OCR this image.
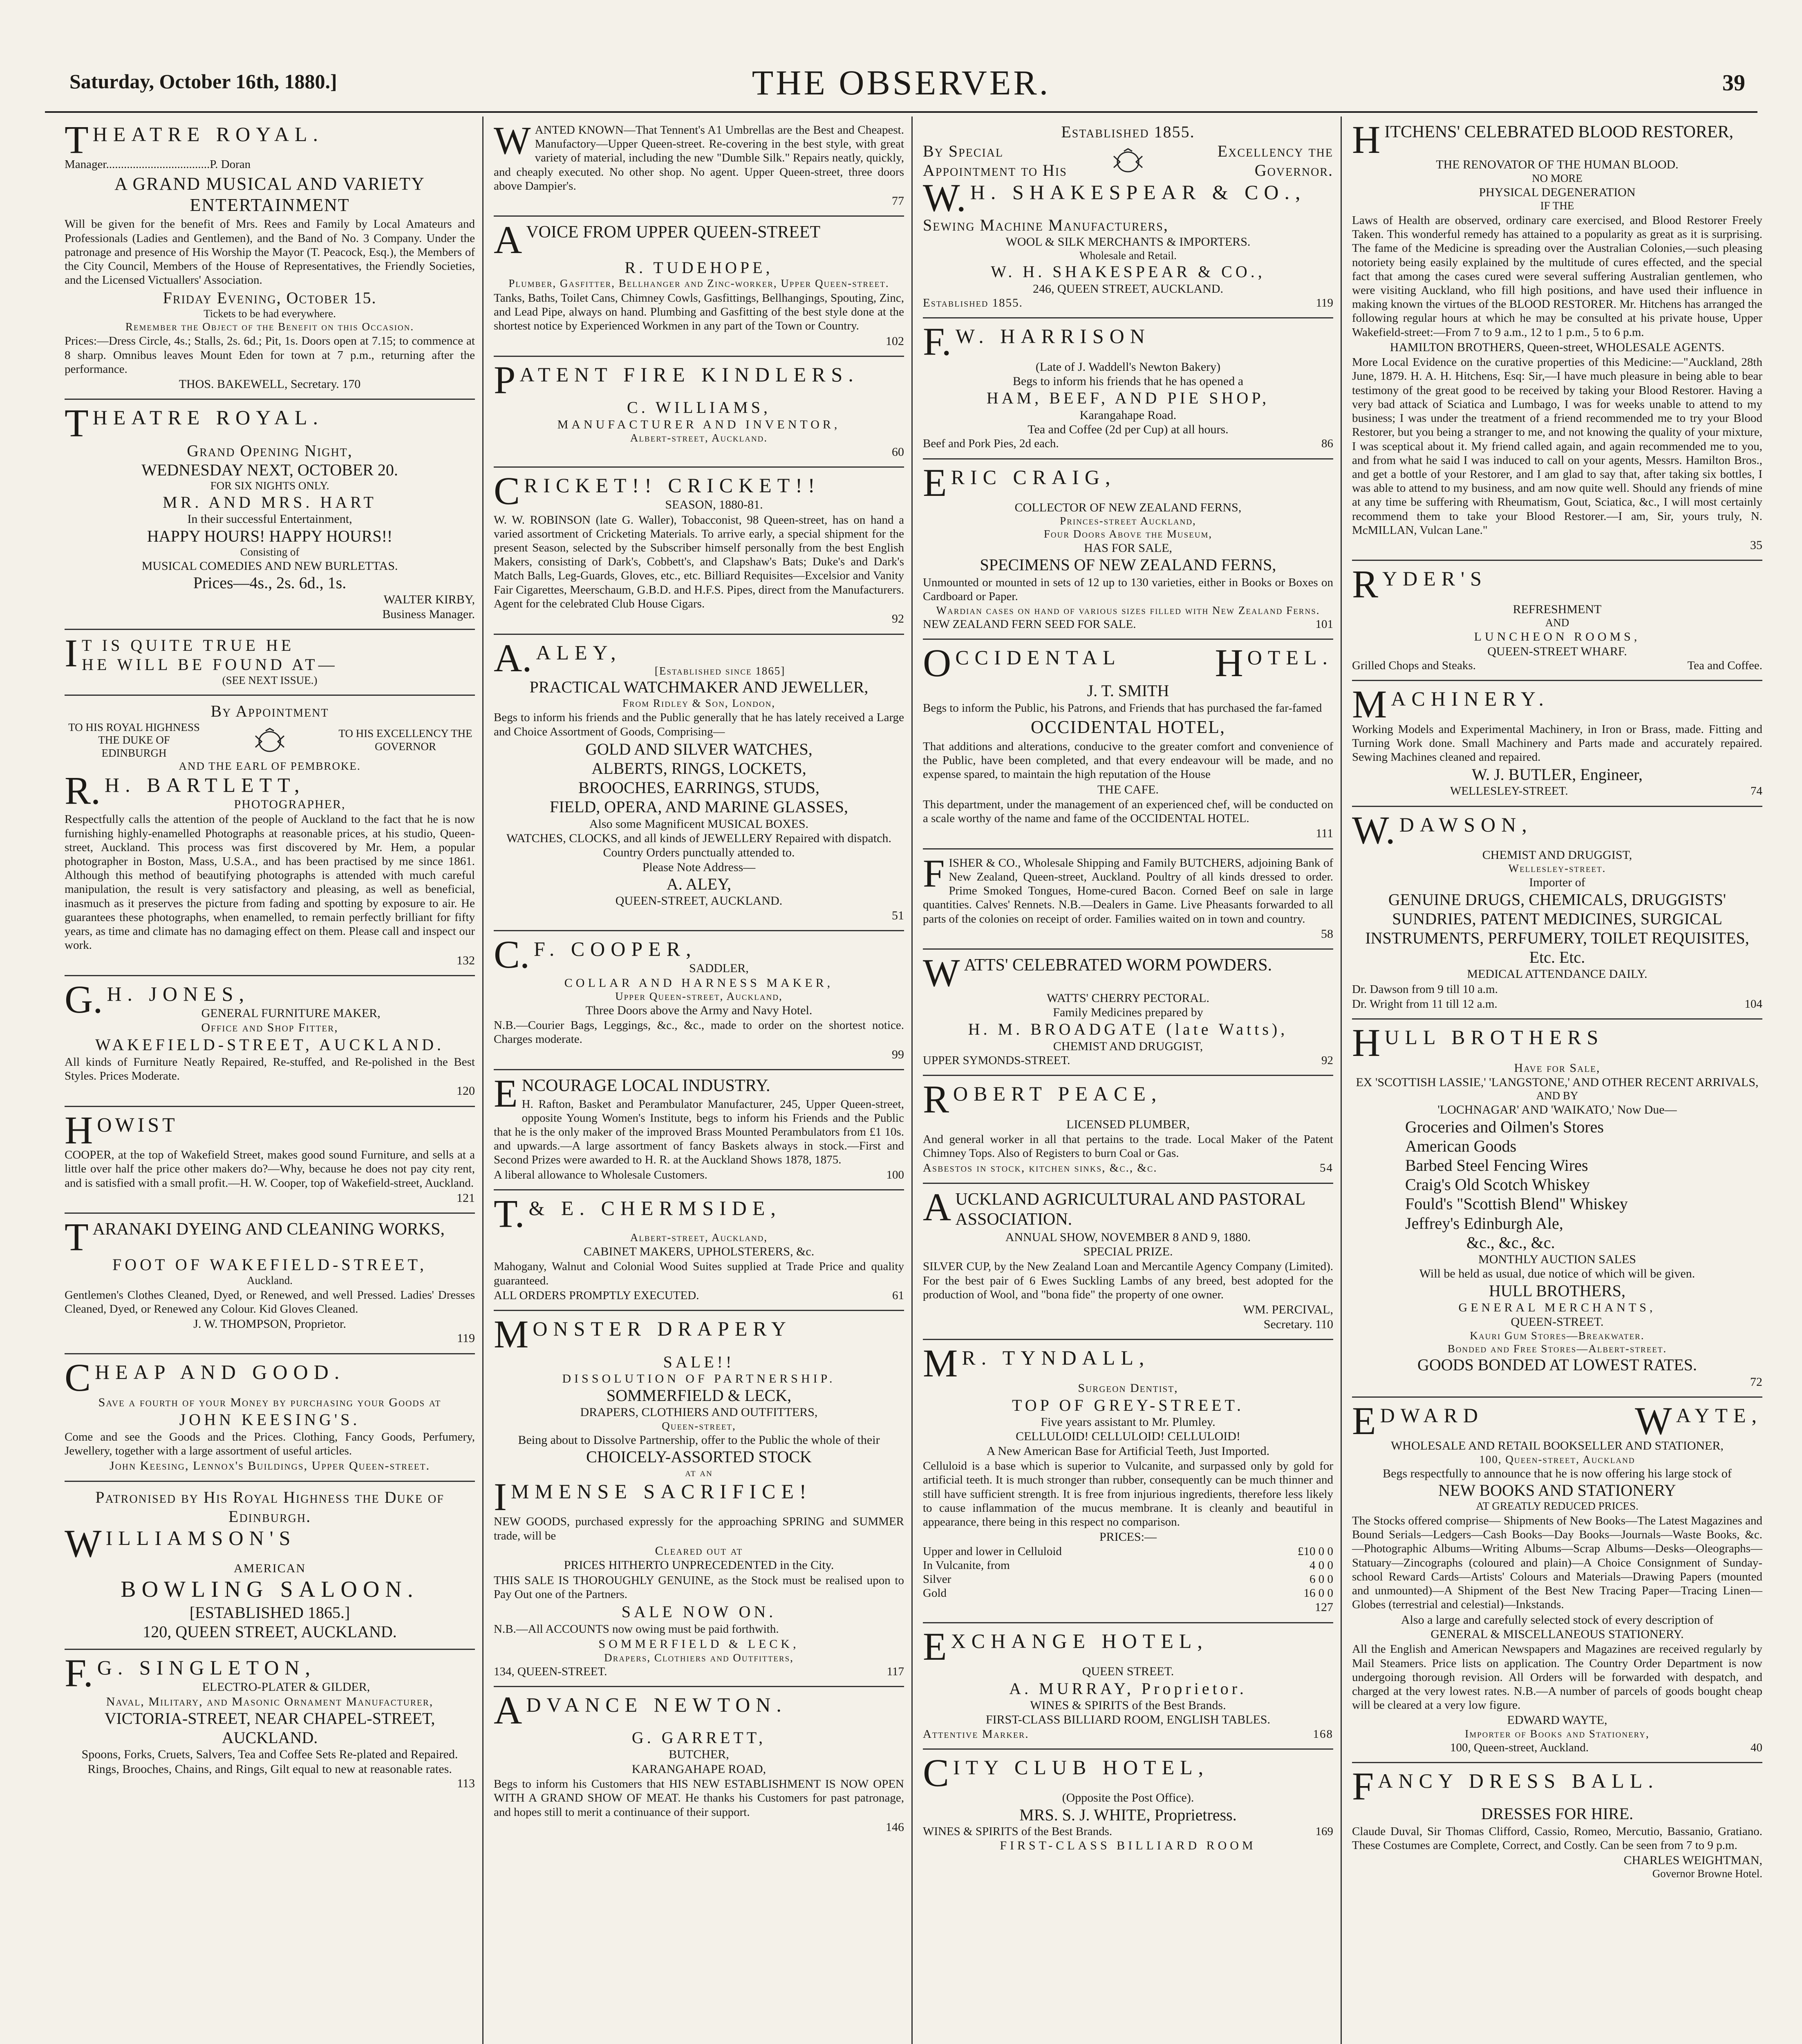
Saturday, October 16th, 1880.]	THE OBSERVER.	39
THEATRE ROYAL.
Manager...................................P. Doran
A GRAND MUSICAL AND VARIETY ENTERTAINMENT
Will be given for the benefit of Mrs. Rees and Family by Local Amateurs and Professionals (Ladies and Gentlemen), and the Band of No. 3 Company. Under the patronage and presence of His Worship the Mayor (T. Peacock, Esq.), the Members of the City Council, Members of the House of Representatives, the Friendly Societies, and the Licensed Victuallers' Association.
Friday Evening, October 15.
Tickets to be had everywhere.
Remember the Object of the Benefit on this Occasion.
Prices:—Dress Circle, 4s.; Stalls, 2s. 6d.; Pit, 1s. Doors open at 7.15; to commence at 8 sharp. Omnibus leaves Mount Eden for town at 7 p.m., returning after the performance.
THOS. BAKEWELL, Secretary. 170
THEATRE ROYAL.
Grand Opening Night,
WEDNESDAY NEXT, OCTOBER 20.
FOR SIX NIGHTS ONLY.
MR. AND MRS. HART
In their successful Entertainment,
HAPPY HOURS! HAPPY HOURS!!
Consisting of
MUSICAL COMEDIES AND NEW BURLETTAS.
Prices—4s., 2s. 6d., 1s.
WALTER KIRBY,
Business Manager.
I T IS QUITE TRUE HE
HE WILL BE FOUND AT—
(SEE NEXT ISSUE.)
By Appointment
TO HIS ROYAL HIGHNESS THE DUKE OF EDINBURGH
TO HIS EXCELLENCY THE GOVERNOR
AND THE EARL OF PEMBROKE.
R. H. BARTLETT,
PHOTOGRAPHER,
Respectfully calls the attention of the people of Auckland to the fact that he is now furnishing highly-enamelled Photographs at reasonable prices, at his studio, Queen-street, Auckland. This process was first discovered by Mr. Hem, a popular photographer in Boston, Mass, U.S.A., and has been practised by me since 1861. Although this method of beautifying photographs is attended with much careful manipulation, the result is very satisfactory and pleasing, as well as beneficial, inasmuch as it preserves the picture from fading and spotting by exposure to air. He guarantees these photographs, when enamelled, to remain perfectly brilliant for fifty years, as time and climate has no damaging effect on them. Please call and inspect our work.
132
G. H. JONES,
GENERAL FURNITURE MAKER,
Office and Shop Fitter,
WAKEFIELD-STREET, AUCKLAND.
All kinds of Furniture Neatly Repaired, Re-stuffed, and Re-polished in the Best Styles. Prices Moderate.
120
HOWIST
COOPER, at the top of Wakefield Street, makes good sound Furniture, and sells at a little over half the price other makers do?—Why, because he does not pay city rent, and is satisfied with a small profit.—H. W. Cooper, top of Wakefield-street, Auckland.
121
TARANAKI DYEING AND CLEANING WORKS,
FOOT OF WAKEFIELD-STREET,
Auckland.
Gentlemen's Clothes Cleaned, Dyed, or Renewed, and well Pressed. Ladies' Dresses Cleaned, Dyed, or Renewed any Colour. Kid Gloves Cleaned.
J. W. THOMPSON, Proprietor.
119
CHEAP AND GOOD.
Save a fourth of your Money by purchasing your Goods at
JOHN KEESING'S.
Come and see the Goods and the Prices. Clothing, Fancy Goods, Perfumery, Jewellery, together with a large assortment of useful articles.
John Keesing, Lennox's Buildings, Upper Queen-street.
Patronised by His Royal Highness the Duke of Edinburgh.
WILLIAMSON'S
AMERICAN
BOWLING SALOON.
[ESTABLISHED 1865.]
120, QUEEN STREET, AUCKLAND.
F. G. SINGLETON,
ELECTRO-PLATER & GILDER,
Naval, Military, and Masonic Ornament Manufacturer,
VICTORIA-STREET, NEAR CHAPEL-STREET, AUCKLAND.
Spoons, Forks, Cruets, Salvers, Tea and Coffee Sets Re-plated and Repaired.
Rings, Brooches, Chains, and Rings, Gilt equal to new at reasonable rates.
113
WANTED KNOWN—That Tennent's A1 Umbrellas are the Best and Cheapest. Manufactory—Upper Queen-street. Re-covering in the best style, with great variety of material, including the new "Dumble Silk." Repairs neatly, quickly, and cheaply executed. No other shop. No agent. Upper Queen-street, three doors above Dampier's.
77
AVOICE FROM UPPER QUEEN-STREET
R. TUDEHOPE,
Plumber, Gasfitter, Bellhanger and Zinc-worker, Upper Queen-street.
Tanks, Baths, Toilet Cans, Chimney Cowls, Gasfittings, Bellhangings, Spouting, Zinc, and Lead Pipe, always on hand. Plumbing and Gasfitting of the best style done at the shortest notice by Experienced Workmen in any part of the Town or Country.
102
PATENT FIRE KINDLERS.
C. WILLIAMS,
MANUFACTURER AND INVENTOR,
Albert-street, Auckland.
60
CRICKET!! CRICKET!!
SEASON, 1880-81.
W. W. ROBINSON (late G. Waller), Tobacconist, 98 Queen-street, has on hand a varied assortment of Cricketing Materials. To arrive early, a special shipment for the present Season, selected by the Subscriber himself personally from the best English Makers, consisting of Dark's, Cobbett's, and Clapshaw's Bats; Duke's and Dark's Match Balls, Leg-Guards, Gloves, etc., etc. Billiard Requisites—Excelsior and Vanity Fair Cigarettes, Meerschaum, G.B.D. and H.F.S. Pipes, direct from the Manufacturers. Agent for the celebrated Club House Cigars.
92
A. ALEY,
[Established since 1865]
PRACTICAL WATCHMAKER AND JEWELLER,
From Ridley & Son, London,
Begs to inform his friends and the Public generally that he has lately received a Large and Choice Assortment of Goods, Comprising—
GOLD AND SILVER WATCHES,
ALBERTS, RINGS, LOCKETS,
BROOCHES, EARRINGS, STUDS,
FIELD, OPERA, AND MARINE GLASSES,
Also some Magnificent MUSICAL BOXES.
WATCHES, CLOCKS, and all kinds of JEWELLERY Repaired with dispatch.
Country Orders punctually attended to.
Please Note Address—
A. ALEY,
QUEEN-STREET, AUCKLAND.
51
C. F. COOPER,
SADDLER,
COLLAR AND HARNESS MAKER,
Upper Queen-street, Auckland,
Three Doors above the Army and Navy Hotel.
N.B.—Courier Bags, Leggings, &c., &c., made to order on the shortest notice. Charges moderate.
99
ENCOURAGE LOCAL INDUSTRY.
H. Rafton, Basket and Perambulator Manufacturer, 245, Upper Queen-street, opposite Young Women's Institute, begs to inform his Friends and the Public that he is the only maker of the improved Brass Mounted Perambulators from £1 10s. and upwards.—A large assortment of fancy Baskets always in stock.—First and Second Prizes were awarded to H. R. at the Auckland Shows 1878, 1875.
A liberal allowance to Wholesale Customers.	100
T. & E. CHERMSIDE,
Albert-street, Auckland,
CABINET MAKERS, UPHOLSTERERS, &c.
Mahogany, Walnut and Colonial Wood Suites supplied at Trade Price and quality guaranteed.
ALL ORDERS PROMPTLY EXECUTED.	61
MONSTER DRAPERY
SALE!!
DISSOLUTION OF PARTNERSHIP.
SOMMERFIELD & LECK,
DRAPERS, CLOTHIERS AND OUTFITTERS,
Queen-street,
Being about to Dissolve Partnership, offer to the Public the whole of their
CHOICELY-ASSORTED STOCK
at an
IMMENSE SACRIFICE!
NEW GOODS, purchased expressly for the approaching SPRING and SUMMER trade, will be
Cleared out at
PRICES HITHERTO UNPRECEDENTED in the City.
THIS SALE IS THOROUGHLY GENUINE, as the Stock must be realised upon to Pay Out one of the Partners.
SALE NOW ON.
N.B.—All ACCOUNTS now owing must be paid forthwith.
SOMMERFIELD & LECK,
Drapers, Clothiers and Outfitters,
134, QUEEN-STREET.	117
ADVANCE NEWTON.
G. GARRETT,
BUTCHER,
KARANGAHAPE ROAD,
Begs to inform his Customers that HIS NEW ESTABLISHMENT IS NOW OPEN WITH A GRAND SHOW OF MEAT. He thanks his Customers for past patronage, and hopes still to merit a continuance of their support.
146
Established 1855.
By Special Appointment to His
Excellency the Governor.
W. H. SHAKESPEAR & CO.,
Sewing Machine Manufacturers,
WOOL & SILK MERCHANTS & IMPORTERS.
Wholesale and Retail.
W. H. SHAKESPEAR & CO.,
246, QUEEN STREET, AUCKLAND.
Established 1855.	119
F. W. HARRISON
(Late of J. Waddell's Newton Bakery)
Begs to inform his friends that he has opened a
HAM, BEEF, AND PIE SHOP,
Karangahape Road.
Tea and Coffee (2d per Cup) at all hours.
Beef and Pork Pies, 2d each.	86
ERIC CRAIG,
COLLECTOR OF NEW ZEALAND FERNS,
Princes-street Auckland,
Four Doors Above the Museum,
HAS FOR SALE,
SPECIMENS OF NEW ZEALAND FERNS,
Unmounted or mounted in sets of 12 up to 130 varieties, either in Books or Boxes on Cardboard or Paper.
Wardian cases on hand of various sizes filled with New Zealand Ferns.
NEW ZEALAND FERN SEED FOR SALE.	101
OCCIDENTAL HOTEL.
J. T. SMITH
Begs to inform the Public, his Patrons, and Friends that has purchased the far-famed
OCCIDENTAL HOTEL,
That additions and alterations, conducive to the greater comfort and convenience of the Public, have been completed, and that every endeavour will be made, and no expense spared, to maintain the high reputation of the House
THE CAFE.
This department, under the management of an experienced chef, will be conducted on a scale worthy of the name and fame of the OCCIDENTAL HOTEL.
111
FISHER & CO., Wholesale Shipping and Family BUTCHERS, adjoining Bank of New Zealand, Queen-street, Auckland. Poultry of all kinds dressed to order. Prime Smoked Tongues, Home-cured Bacon. Corned Beef on sale in large quantities. Calves' Rennets. N.B.—Dealers in Game. Live Pheasants forwarded to all parts of the colonies on receipt of order. Families waited on in town and country.
58
WATTS' CELEBRATED WORM POWDERS.
WATTS' CHERRY PECTORAL.
Family Medicines prepared by
H. M. BROADGATE (late Watts),
CHEMIST AND DRUGGIST,
UPPER SYMONDS-STREET.	92
ROBERT PEACE,
LICENSED PLUMBER,
And general worker in all that pertains to the trade. Local Maker of the Patent Chimney Tops. Also of Registers to burn Coal or Gas.
Asbestos in stock, kitchen sinks, &c., &c.	54
AUCKLAND AGRICULTURAL AND PASTORAL ASSOCIATION.
ANNUAL SHOW, NOVEMBER 8 AND 9, 1880.
SPECIAL PRIZE.
SILVER CUP, by the New Zealand Loan and Mercantile Agency Company (Limited). For the best pair of 6 Ewes Suckling Lambs of any breed, best adopted for the production of Wool, and "bona fide" the property of one owner.
WM. PERCIVAL,
Secretary. 110
M R. TYNDALL,
Surgeon Dentist,
TOP OF GREY-STREET.
Five years assistant to Mr. Plumley.
CELLULOID! CELLULOID! CELLULOID!
A New American Base for Artificial Teeth, Just Imported.
Celluloid is a base which is superior to Vulcanite, and surpassed only by gold for artificial teeth. It is much stronger than rubber, consequently can be much thinner and still have sufficient strength. It is free from injurious ingredients, therefore less likely to cause inflammation of the mucus membrane. It is cleanly and beautiful in appearance, there being in this respect no comparison.
PRICES:—
Upper and lower in Celluloid	£10 0 0
In Vulcanite, from	4 0 0
Silver	6 0 0
Gold	16 0 0
127
EXCHANGE HOTEL,
QUEEN STREET.
A. MURRAY, Proprietor.
WINES & SPIRITS of the Best Brands.
FIRST-CLASS BILLIARD ROOM, ENGLISH TABLES.
Attentive Marker.	168
CITY CLUB HOTEL,
(Opposite the Post Office).
MRS. S. J. WHITE, Proprietress.
WINES & SPIRITS of the Best Brands.	169
FIRST-CLASS BILLIARD ROOM
HITCHENS' CELEBRATED BLOOD RESTORER,
THE RENOVATOR OF THE HUMAN BLOOD.
NO MORE
PHYSICAL DEGENERATION
IF THE
Laws of Health are observed, ordinary care exercised, and Blood Restorer Freely Taken. This wonderful remedy has attained to a popularity as great as it is surprising. The fame of the Medicine is spreading over the Australian Colonies,—such pleasing notoriety being easily explained by the multitude of cures effected, and the special fact that among the cases cured were several suffering Australian gentlemen, who were visiting Auckland, who fill high positions, and have used their influence in making known the virtues of the BLOOD RESTORER. Mr. Hitchens has arranged the following regular hours at which he may be consulted at his private house, Upper Wakefield-street:—From 7 to 9 a.m., 12 to 1 p.m., 5 to 6 p.m.
HAMILTON BROTHERS, Queen-street, WHOLESALE AGENTS.
More Local Evidence on the curative properties of this Medicine:—"Auckland, 28th June, 1879. H. A. H. Hitchens, Esq: Sir,—I have much pleasure in being able to bear testimony of the great good to be received by taking your Blood Restorer. Having a very bad attack of Sciatica and Lumbago, I was for weeks unable to attend to my business; I was under the treatment of a friend recommended me to try your Blood Restorer, but you being a stranger to me, and not knowing the quality of your mixture, I was sceptical about it. My friend called again, and again recommended me to you, and from what he said I was induced to call on your agents, Messrs. Hamilton Bros., and get a bottle of your Restorer, and I am glad to say that, after taking six bottles, I was able to attend to my business, and am now quite well. Should any friends of mine at any time be suffering with Rheumatism, Gout, Sciatica, &c., I will most certainly recommend them to take your Blood Restorer.—I am, Sir, yours truly, N. McMILLAN, Vulcan Lane."
35
RYDER'S
REFRESHMENT
AND
LUNCHEON ROOMS,
QUEEN-STREET WHARF.
Grilled Chops and Steaks.	Tea and Coffee.
MACHINERY.
Working Models and Experimental Machinery, in Iron or Brass, made. Fitting and Turning Work done. Small Machinery and Parts made and accurately repaired. Sewing Machines cleaned and repaired.
W. J. BUTLER, Engineer,
WELLESLEY-STREET.	74
W. DAWSON,
CHEMIST AND DRUGGIST,
Wellesley-street.
Importer of
GENUINE DRUGS, CHEMICALS, DRUGGISTS' SUNDRIES, PATENT MEDICINES, SURGICAL INSTRUMENTS, PERFUMERY, TOILET REQUISITES, Etc. Etc.
MEDICAL ATTENDANCE DAILY.
Dr. Dawson from 9 till 10 a.m.
Dr. Wright from 11 till 12 a.m.	104
HULL BROTHERS
Have for Sale,
EX 'SCOTTISH LASSIE,' 'LANGSTONE,' AND OTHER RECENT ARRIVALS,
AND BY
'LOCHNAGAR' AND 'WAIKATO,' Now Due—
Groceries and Oilmen's Stores
American Goods
Barbed Steel Fencing Wires
Craig's Old Scotch Whiskey
Fould's "Scottish Blend" Whiskey
Jeffrey's Edinburgh Ale,
&c., &c., &c.
MONTHLY AUCTION SALES
Will be held as usual, due notice of which will be given.
HULL BROTHERS,
GENERAL MERCHANTS,
QUEEN-STREET.
Kauri Gum Stores—Breakwater.
Bonded and Free Stores—Albert-street.
GOODS BONDED AT LOWEST RATES.
72
EDWARD	WAYTE,
WHOLESALE AND RETAIL BOOKSELLER AND STATIONER,
100, Queen-street, Auckland
Begs respectfully to announce that he is now offering his large stock of
NEW BOOKS AND STATIONERY
AT GREATLY REDUCED PRICES.
The Stocks offered comprise— Shipments of New Books—The Latest Magazines and Bound Serials—Ledgers—Cash Books—Day Books—Journals—Waste Books, &c.—Photographic Albums—Writing Albums—Scrap Albums—Desks—Oleographs—Statuary—Zincographs (coloured and plain)—A Choice Consignment of Sunday-school Reward Cards—Artists' Colours and Materials—Drawing Papers (mounted and unmounted)—A Shipment of the Best New Tracing Paper—Tracing Linen—Globes (terrestrial and celestial)—Inkstands.
Also a large and carefully selected stock of every description of
GENERAL & MISCELLANEOUS STATIONERY.
All the English and American Newspapers and Magazines are received regularly by Mail Steamers. Price lists on application. The Country Order Department is now undergoing thorough revision. All Orders will be forwarded with despatch, and charged at the very lowest rates. N.B.—A number of parcels of goods bought cheap will be cleared at a very low figure.
EDWARD WAYTE,
Importer of Books and Stationery,
100, Queen-street, Auckland.	40
FANCY DRESS BALL.
DRESSES FOR HIRE.
Claude Duval, Sir Thomas Clifford, Cassio, Romeo, Mercutio, Bassanio, Gratiano. These Costumes are Complete, Correct, and Costly. Can be seen from 7 to 9 p.m.
CHARLES WEIGHTMAN,
Governor Browne Hotel.
